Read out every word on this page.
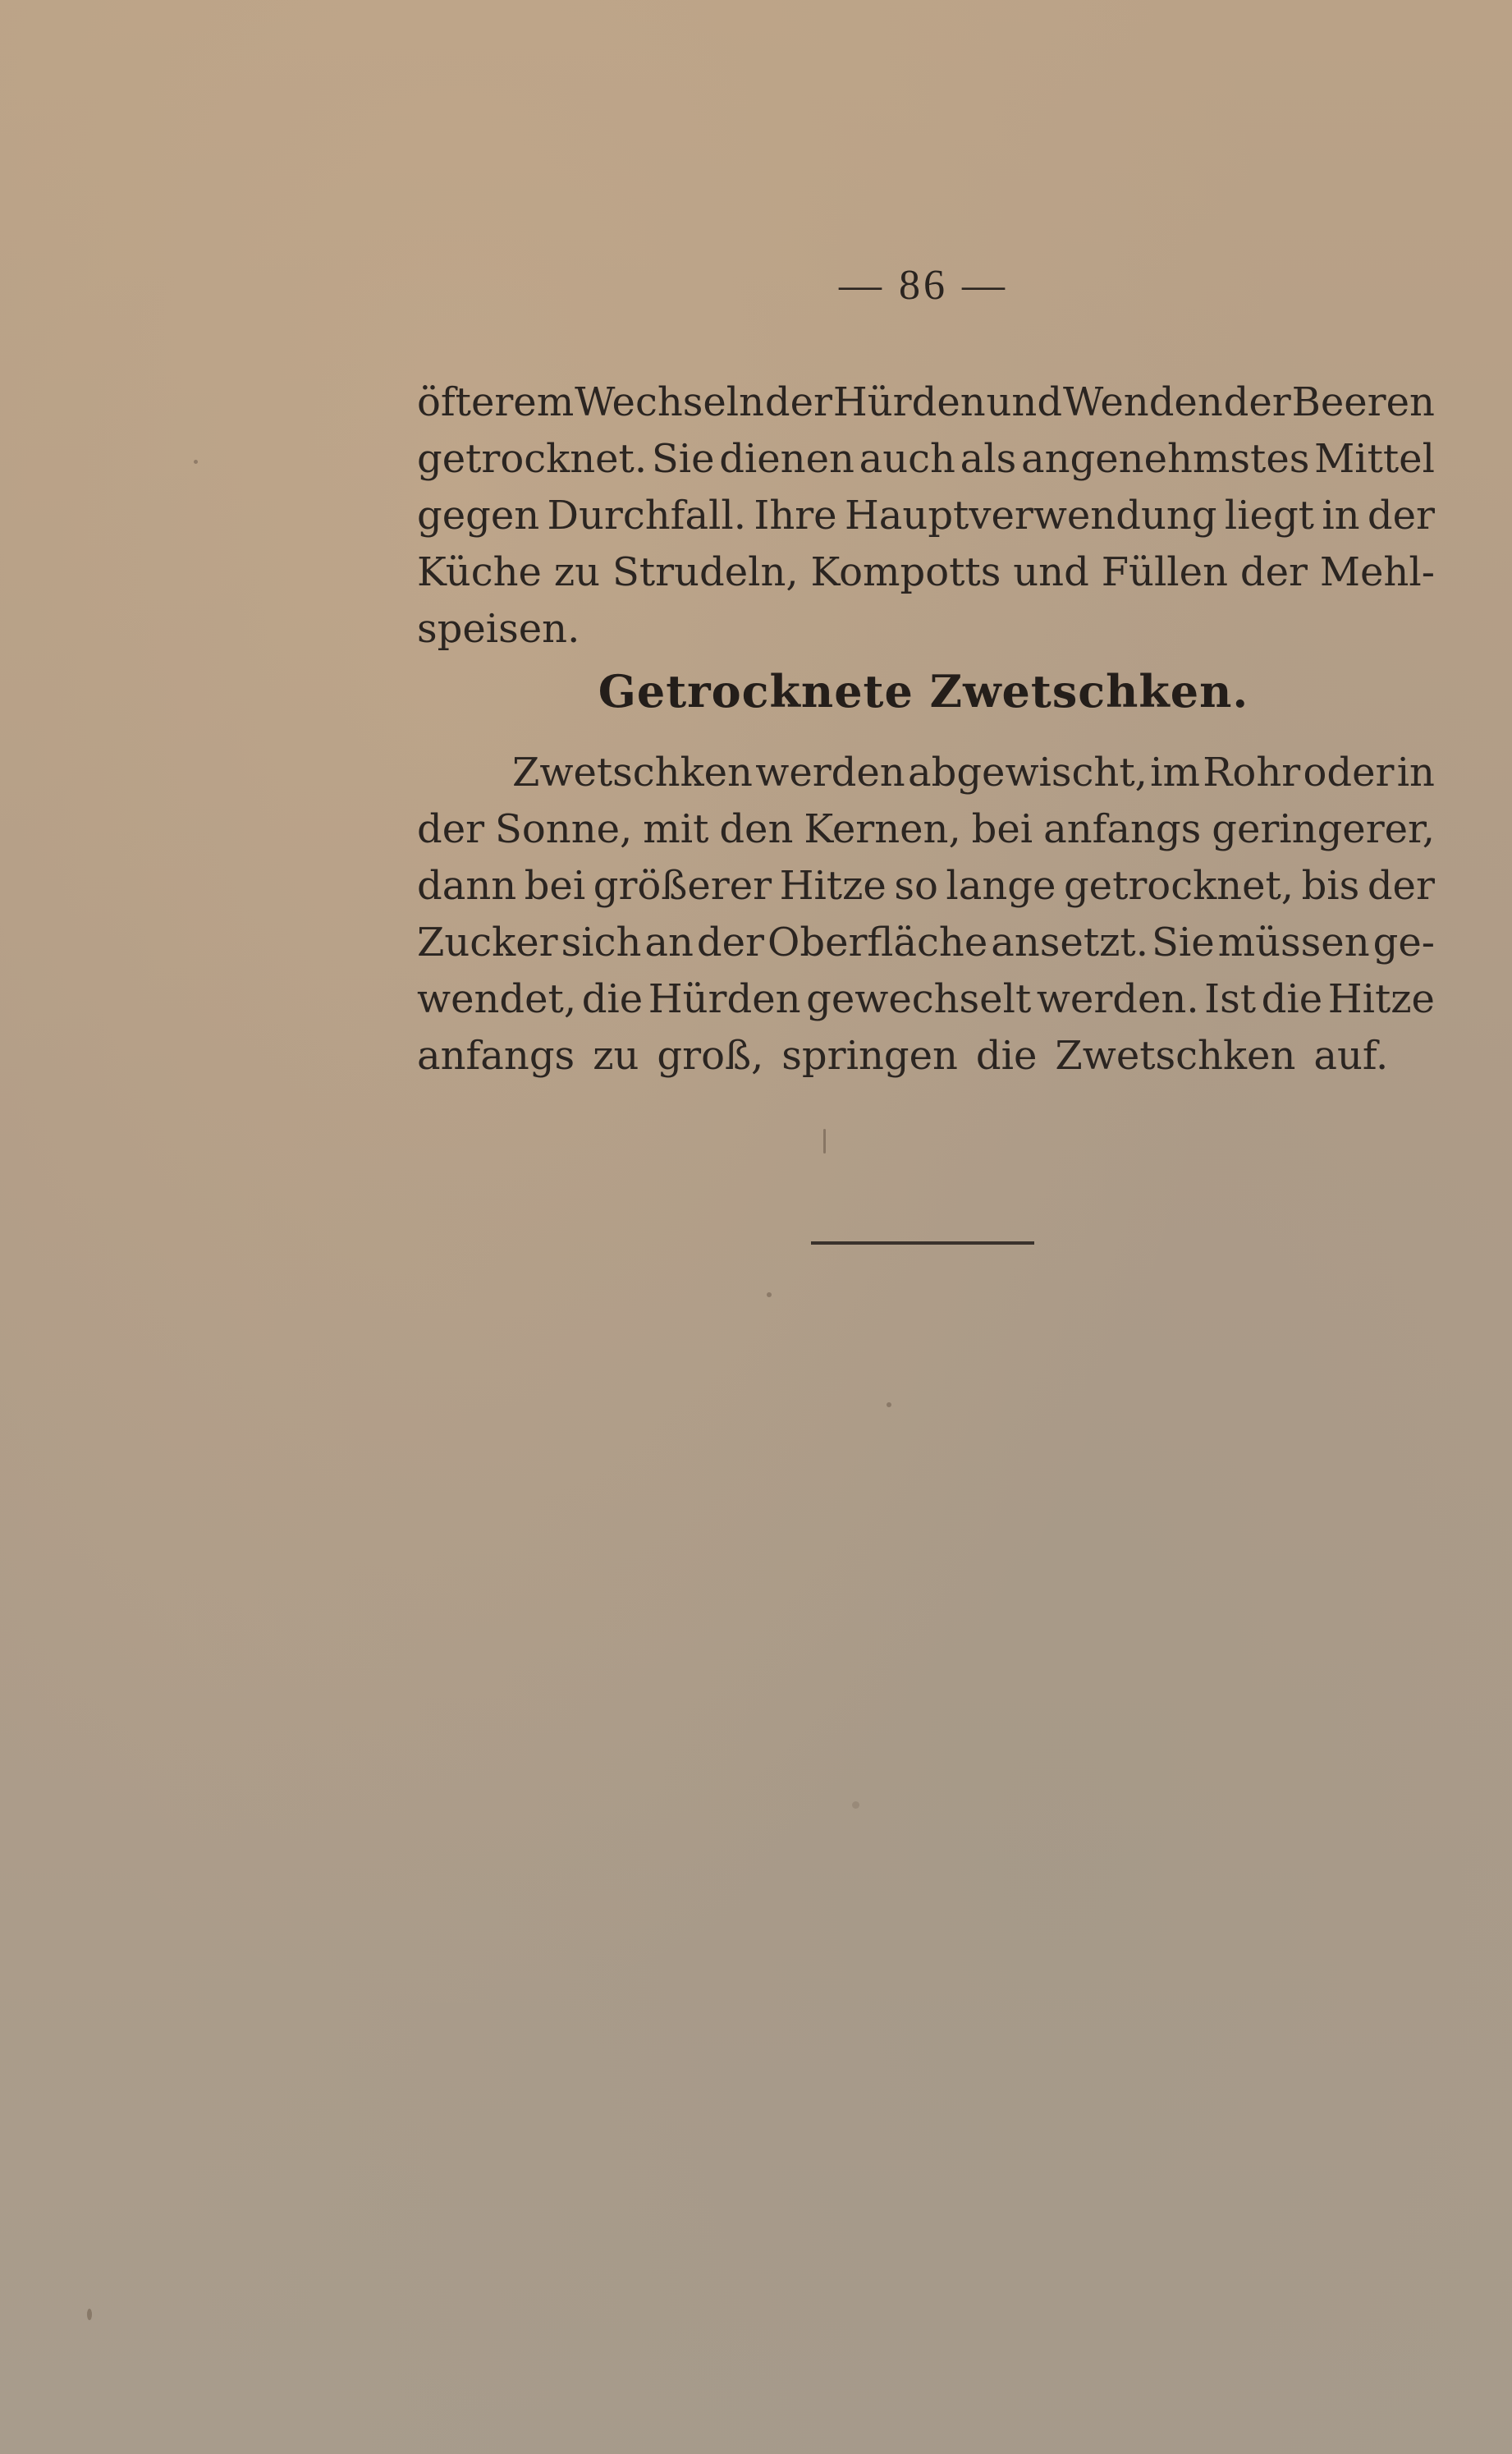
— 86 —
öfterem Wechseln der Hürden und Wenden der Beeren
getrocknet. Sie dienen auch als angenehmstes Mittel
gegen Durchfall. Ihre Hauptverwendung liegt in der
Küche zu Strudeln, Kompotts und Füllen der Mehl-
speisen.
Getrocknete Zwetschken.
Zwetschken werden abgewischt, im Rohr oder in
der Sonne, mit den Kernen, bei anfangs geringerer,
dann bei größerer Hitze so lange getrocknet, bis der
Zucker sich an der Oberfläche ansetzt. Sie müssen ge-
wendet, die Hürden gewechselt werden. Ist die Hitze
anfangs zu groß, springen die Zwetschken auf.
